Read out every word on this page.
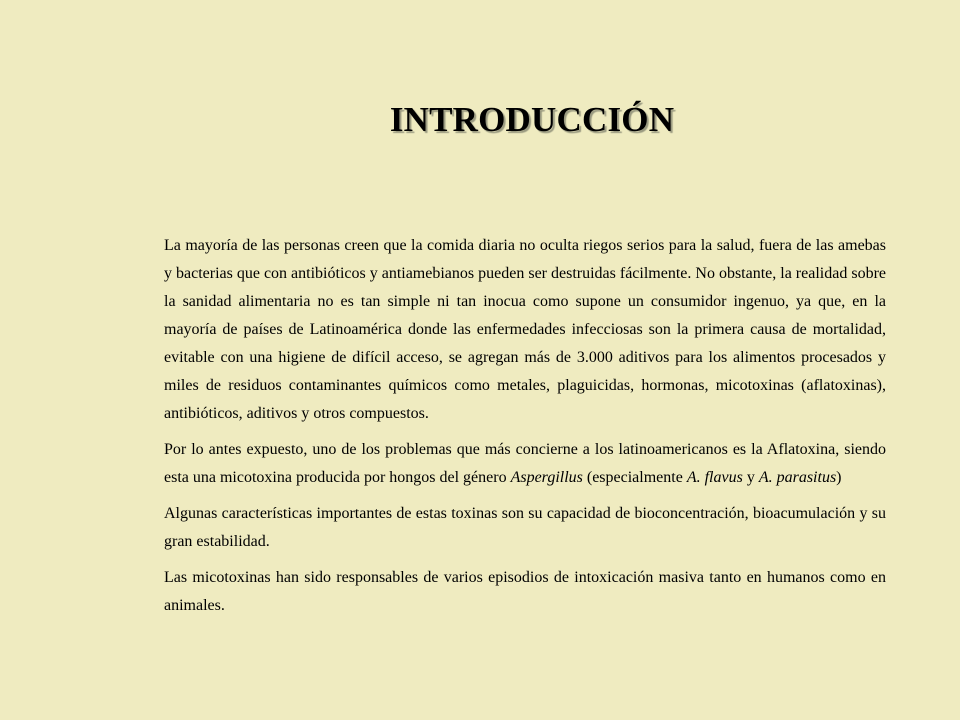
INTRODUCCIÓN

La mayoría de las personas creen que la comida diaria no oculta riegos serios para la salud, fuera de las amebas y bacterias que con antibióticos y antiamebianos pueden ser destruidas fácilmente. No obstante, la realidad sobre la sanidad alimentaria no es tan simple ni tan inocua como supone un consumidor ingenuo, ya que, en la mayoría de países de Latinoamérica donde las enfermedades infecciosas son la primera causa de mortalidad, evitable con una higiene de difícil acceso, se agregan más de 3.000 aditivos para los alimentos procesados y miles de residuos contaminantes químicos como metales, plaguicidas, hormonas, micotoxinas (aflatoxinas), antibióticos, aditivos y otros compuestos.

Por lo antes expuesto, uno de los problemas que más concierne a los latinoamericanos es la Aflatoxina, siendo esta una micotoxina producida por hongos del género Aspergillus (especialmente A. flavus y A. parasitus)

Algunas características importantes de estas toxinas son su capacidad de bioconcentración, bioacumulación y su gran estabilidad.

Las micotoxinas han sido responsables de varios episodios de intoxicación masiva tanto en humanos como en animales.
